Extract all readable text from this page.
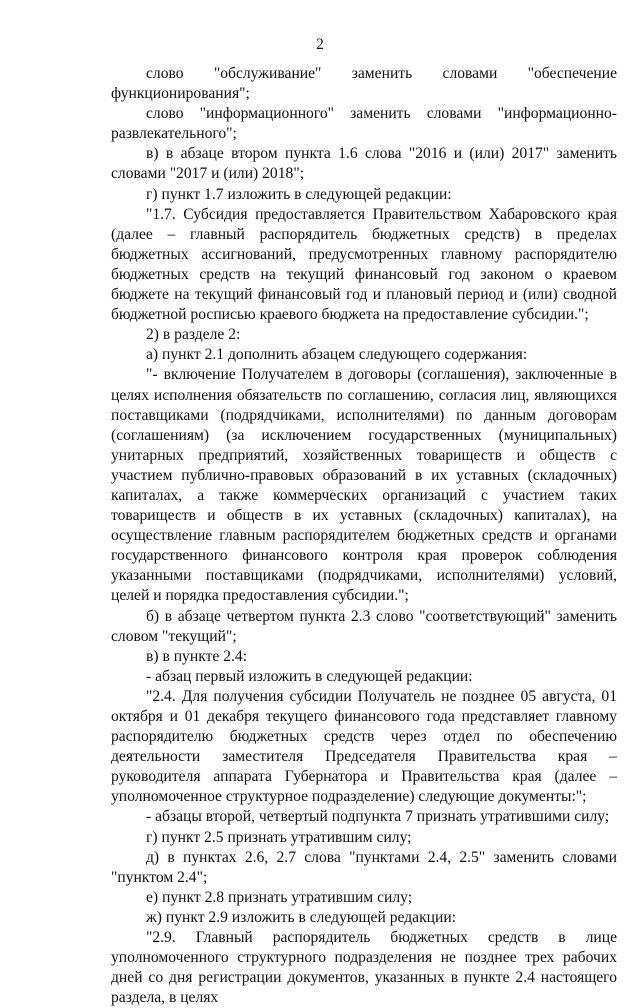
2

слово "обслуживание" заменить словами "обеспечение функционирования";

слово "информационного" заменить словами "информационно-развлекательного";

в) в абзаце втором пункта 1.6 слова "2016 и (или) 2017" заменить словами "2017 и (или) 2018";

г) пункт 1.7 изложить в следующей редакции:

"1.7. Субсидия предоставляется Правительством Хабаровского края (далее – главный распорядитель бюджетных средств) в пределах бюджетных ассигнований, предусмотренных главному распорядителю бюджетных средств на текущий финансовый год законом о краевом бюджете на текущий финансовый год и плановый период и (или) сводной бюджетной росписью краевого бюджета на предоставление субсидии.";

2) в разделе 2:

а) пункт 2.1 дополнить абзацем следующего содержания:

"- включение Получателем в договоры (соглашения), заключенные в целях исполнения обязательств по соглашению, согласия лиц, являющихся поставщиками (подрядчиками, исполнителями) по данным договорам (соглашениям) (за исключением государственных (муниципальных) унитарных предприятий, хозяйственных товариществ и обществ с участием публично-правовых образований в их уставных (складочных) капиталах, а также коммерческих организаций с участием таких товариществ и обществ в их уставных (складочных) капиталах), на осуществление главным распорядителем бюджетных средств и органами государственного финансового контроля края проверок соблюдения указанными поставщиками (подрядчиками, исполнителями) условий, целей и порядка предоставления субсидии.";

б) в абзаце четвертом пункта 2.3 слово "соответствующий" заменить словом "текущий";

в) в пункте 2.4:

- абзац первый изложить в следующей редакции:

"2.4. Для получения субсидии Получатель не позднее 05 августа, 01 октября и 01 декабря текущего финансового года представляет главному распорядителю бюджетных средств через отдел по обеспечению деятельности заместителя Председателя Правительства края – руководителя аппарата Губернатора и Правительства края (далее – уполномоченное структурное подразделение) следующие документы:";

- абзацы второй, четвертый подпункта 7 признать утратившими силу;

г) пункт 2.5 признать утратившим силу;

д) в пунктах 2.6, 2.7 слова "пунктами 2.4, 2.5" заменить словами "пунктом 2.4";

е) пункт 2.8 признать утратившим силу;

ж) пункт 2.9 изложить в следующей редакции:

"2.9. Главный распорядитель бюджетных средств в лице уполномоченного структурного подразделения не позднее трех рабочих дней со дня регистрации документов, указанных в пункте 2.4 настоящего раздела, в целях
